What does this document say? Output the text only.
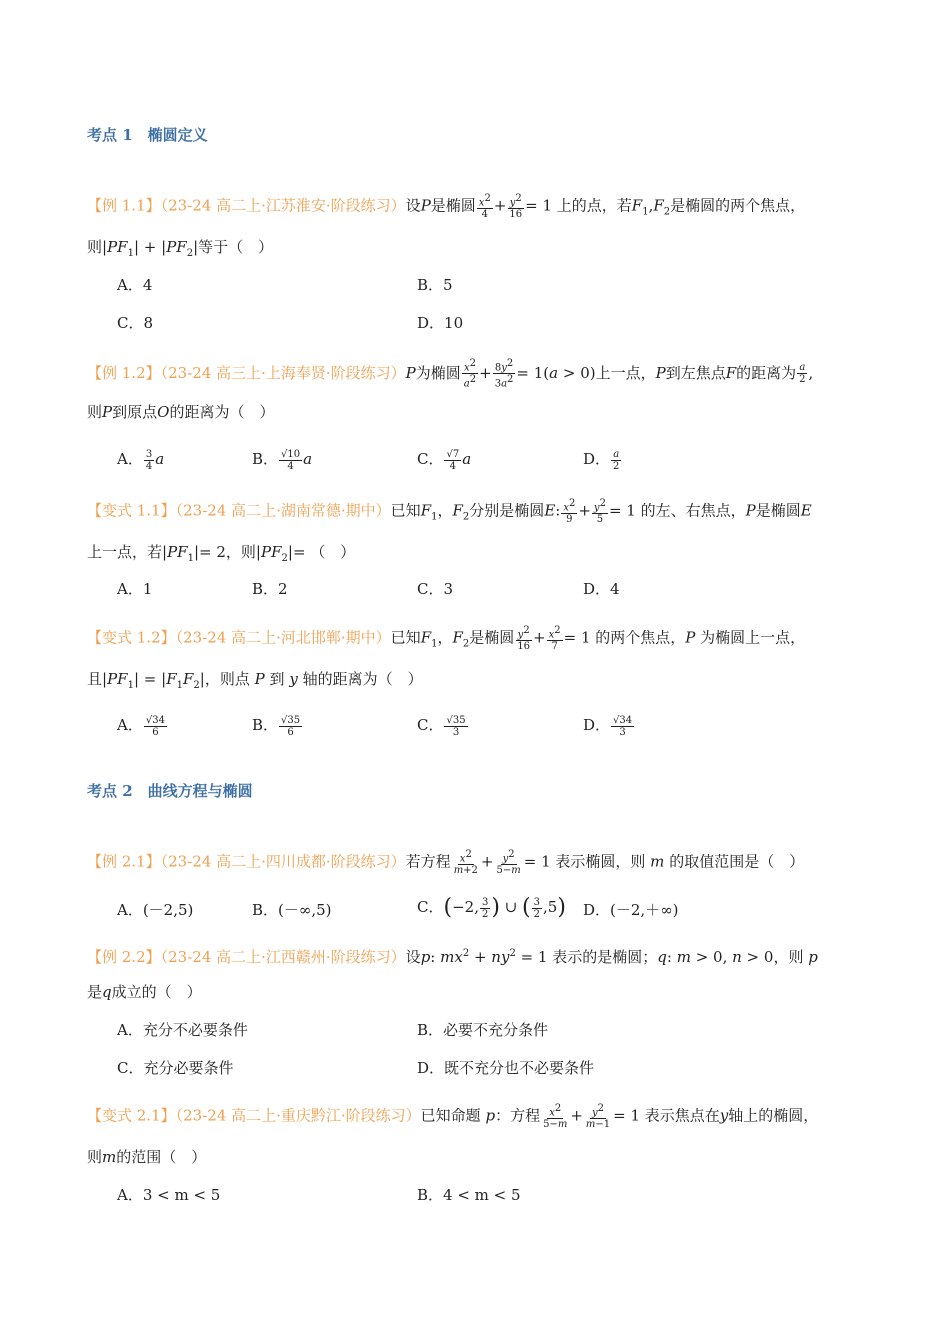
考点 1　椭圆定义
【例 1.1】（23-24 高二上·江苏淮安·阶段练习）设P是椭圆 $\frac{x^2}{4} + \frac{y^2}{16} = 1$ 上的点，若$F_1,F_2$是椭圆的两个焦点，
则$|PF_1| + |PF_2|$等于（　）
A．4	B．5
C．8	D．10
【例 1.2】（23-24 高三上·上海奉贤·阶段练习）P为椭圆 $\frac{x^2}{a^2} + \frac{8y^2}{3a^2} = 1(a > 0)$上一点，P到左焦点F的距离为 $\frac{a}{2}$ ,
则P到原点O的距离为（　）
A． $\frac{3}{4}$ a	B． $\frac{√10}{4}$ a	C． $\frac{√7}{4}$ a	D． $\frac{a}{2}$
【变式 1.1】（23-24 高二上·湖南常德·期中）已知$F_1$，$F_2$分别是椭圆E: $\frac{x^2}{9} + \frac{y^2}{5} = 1$ 的左、右焦点，P是椭圆E
上一点，若$|PF_1|= 2$，则$|PF_2|=$ （　）
A．1	B．2	C．3	D．4
【变式 1.2】（23-24 高二上·河北邯郸·期中）已知$F_1$，$F_2$是椭圆 $\frac{y^2}{16} + \frac{x^2}{7} = 1$ 的两个焦点，P 为椭圆上一点，
且$|PF_1| = |F_1F_2|$，则点 P 到 y 轴的距离为（　）
A． $\frac{√34}{6}$	B． $\frac{√35}{6}$	C． $\frac{√35}{3}$	D． $\frac{√34}{3}$
考点 2　曲线方程与椭圆
【例 2.1】（23-24 高二上·四川成都·阶段练习）若方程 $\frac{x^2}{m+2} + \frac{y^2}{5-m} = 1$ 表示椭圆，则 m 的取值范围是（　）
A．(－2,5)	B．(－∞,5)	C．(−2, $\frac{3}{2}$ ) ∪ ( $\frac{3}{2} ,5$) D．(－2,＋∞)
【例 2.2】（23-24 高二上·江西赣州·阶段练习）设p: $mx^2 + ny^2 = 1$ 表示的是椭圆；q: m > 0, n > 0，则 p
是q成立的（　）
A．充分不必要条件	B．必要不充分条件
C．充分必要条件	D．既不充分也不必要条件
【变式 2.1】（23-24 高二上·重庆黔江·阶段练习）已知命题 p：方程 $\frac{x^2}{5-m} + \frac{y^2}{m-1} = 1$ 表示焦点在y轴上的椭圆，
则m的范围（　）
A．3 < m < 5	B．4 < m < 5
